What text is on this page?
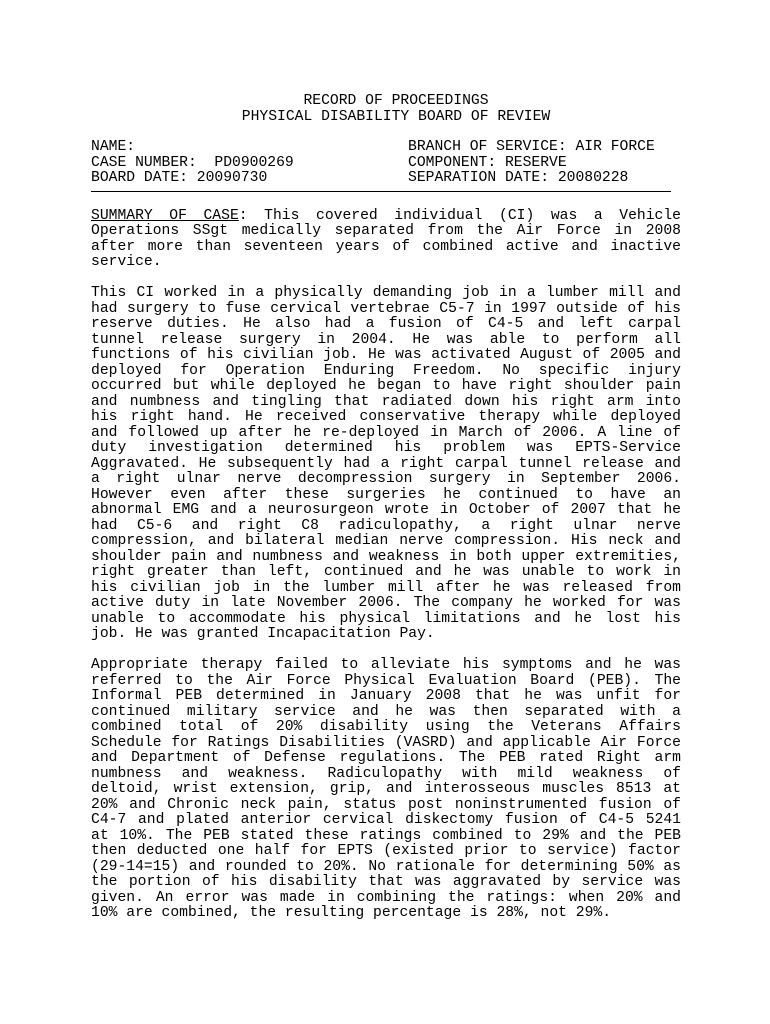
RECORD OF PROCEEDINGS
PHYSICAL DISABILITY BOARD OF REVIEW
NAME:	BRANCH OF SERVICE: AIR FORCE
CASE NUMBER:  PD0900269	COMPONENT: RESERVE
BOARD DATE: 20090730	SEPARATION DATE: 20080228

SUMMARY OF CASE: This covered individual (CI) was a Vehicle Operations SSgt medically separated from the Air Force in 2008 after more than seventeen years of combined active and inactive service.

This CI worked in a physically demanding job in a lumber mill and had surgery to fuse cervical vertebrae C5-7 in 1997 outside of his reserve duties. He also had a fusion of C4-5 and left carpal tunnel release surgery in 2004. He was able to perform all functions of his civilian job. He was activated August of 2005 and deployed for Operation Enduring Freedom. No specific injury occurred but while deployed he began to have right shoulder pain and numbness and tingling that radiated down his right arm into his right hand. He received conservative therapy while deployed and followed up after he re-deployed in March of 2006. A line of duty investigation determined his problem was EPTS-Service Aggravated. He subsequently had a right carpal tunnel release and a right ulnar nerve decompression surgery in September 2006. However even after these surgeries he continued to have an abnormal EMG and a neurosurgeon wrote in October of 2007 that he had C5-6 and right C8 radiculopathy, a right ulnar nerve compression, and bilateral median nerve compression. His neck and shoulder pain and numbness and weakness in both upper extremities, right greater than left, continued and he was unable to work in his civilian job in the lumber mill after he was released from active duty in late November 2006. The company he worked for was unable to accommodate his physical limitations and he lost his job. He was granted Incapacitation Pay.

Appropriate therapy failed to alleviate his symptoms and he was referred to the Air Force Physical Evaluation Board (PEB). The Informal PEB determined in January 2008 that he was unfit for continued military service and he was then separated with a combined total of 20% disability using the Veterans Affairs Schedule for Ratings Disabilities (VASRD) and applicable Air Force and Department of Defense regulations. The PEB rated Right arm numbness and weakness. Radiculopathy with mild weakness of deltoid, wrist extension, grip, and interosseous muscles 8513 at 20% and Chronic neck pain, status post noninstrumented fusion of C4-7 and plated anterior cervical diskectomy fusion of C4-5 5241 at 10%. The PEB stated these ratings combined to 29% and the PEB then deducted one half for EPTS (existed prior to service) factor (29-14=15) and rounded to 20%. No rationale for determining 50% as the portion of his disability that was aggravated by service was given. An error was made in combining the ratings: when 20% and 10% are combined, the resulting percentage is 28%, not 29%.
